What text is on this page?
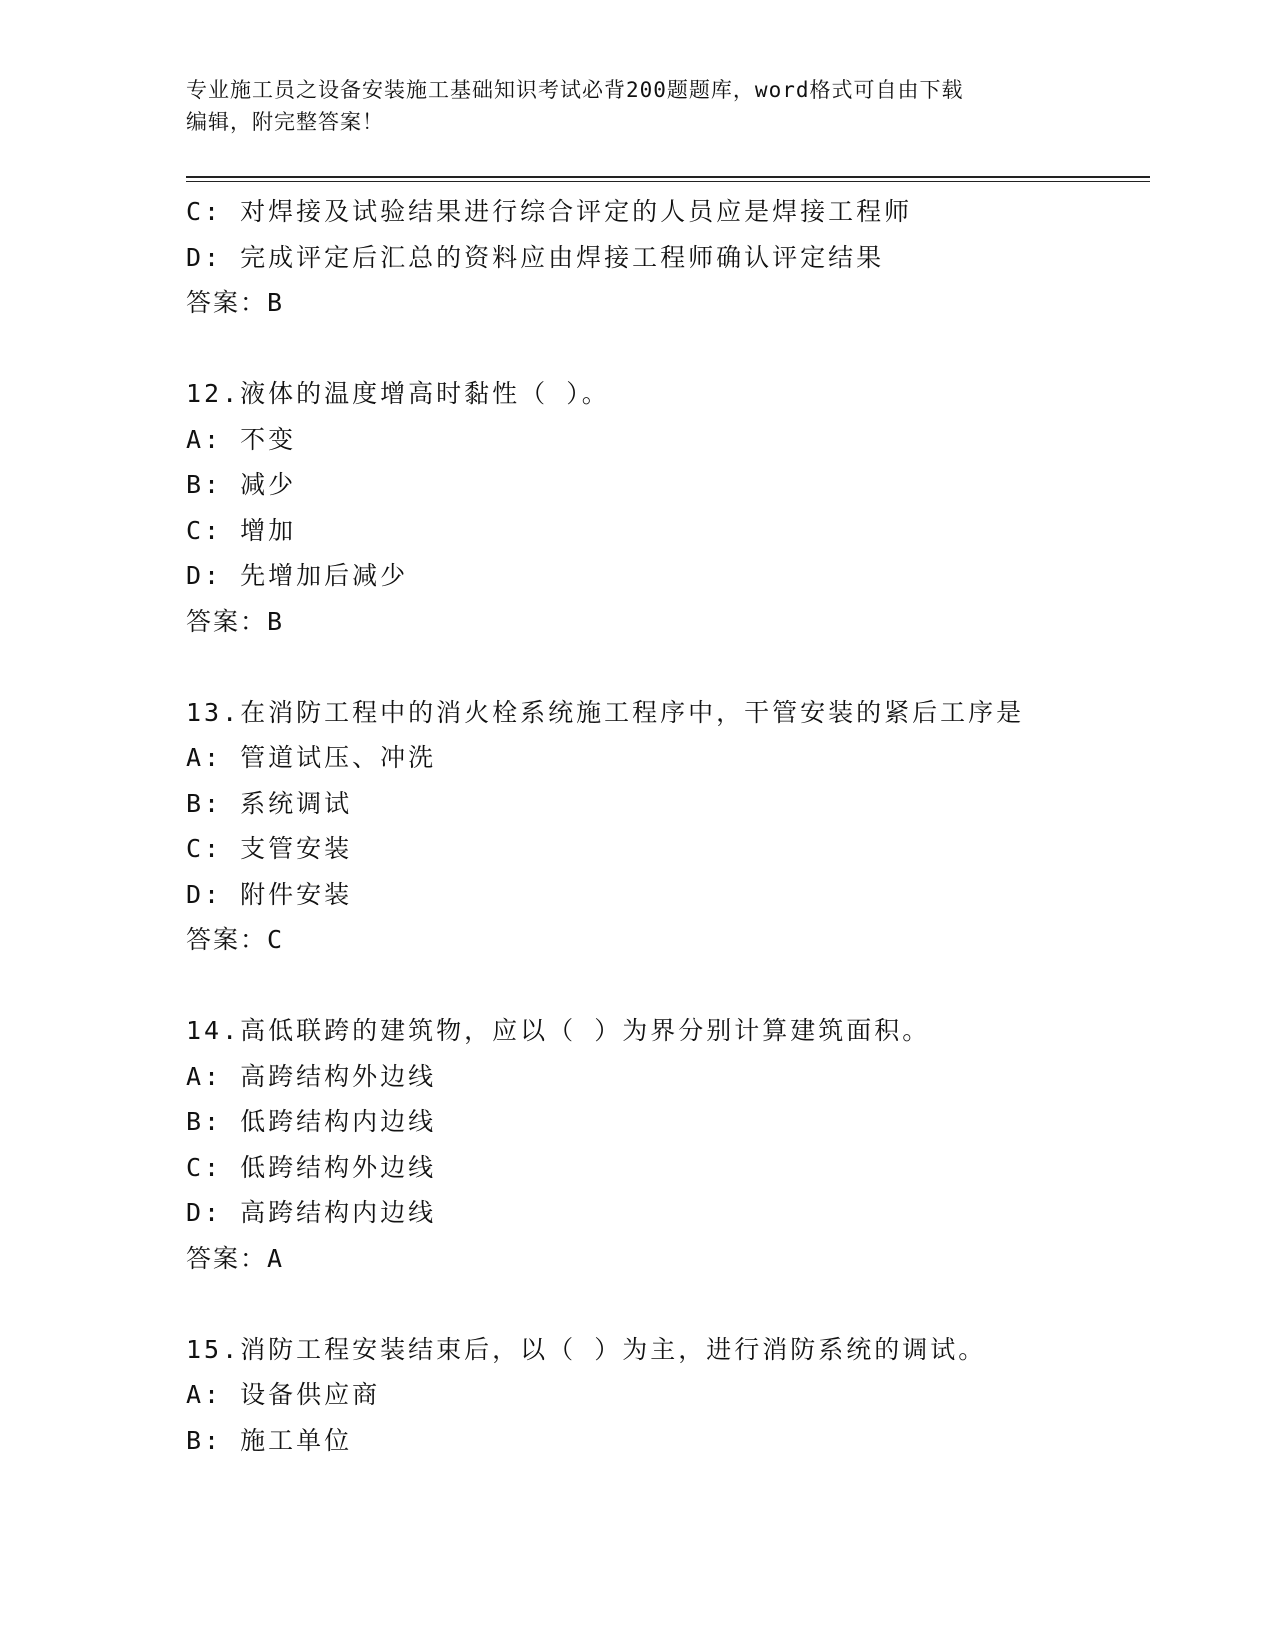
专业施工员之设备安装施工基础知识考试必背200题题库，word格式可自由下载
编辑，附完整答案！
C: 对焊接及试验结果进行综合评定的人员应是焊接工程师
D: 完成评定后汇总的资料应由焊接工程师确认评定结果
答案：B
12.液体的温度增高时黏性（ ）。
A: 不变
B: 减少
C: 增加
D: 先增加后减少
答案：B
13.在消防工程中的消火栓系统施工程序中，干管安装的紧后工序是
A: 管道试压、冲洗
B: 系统调试
C: 支管安装
D: 附件安装
答案：C
14.高低联跨的建筑物，应以（ ）为界分别计算建筑面积。
A: 高跨结构外边线
B: 低跨结构内边线
C: 低跨结构外边线
D: 高跨结构内边线
答案：A
15.消防工程安装结束后，以（ ）为主，进行消防系统的调试。
A: 设备供应商
B: 施工单位
